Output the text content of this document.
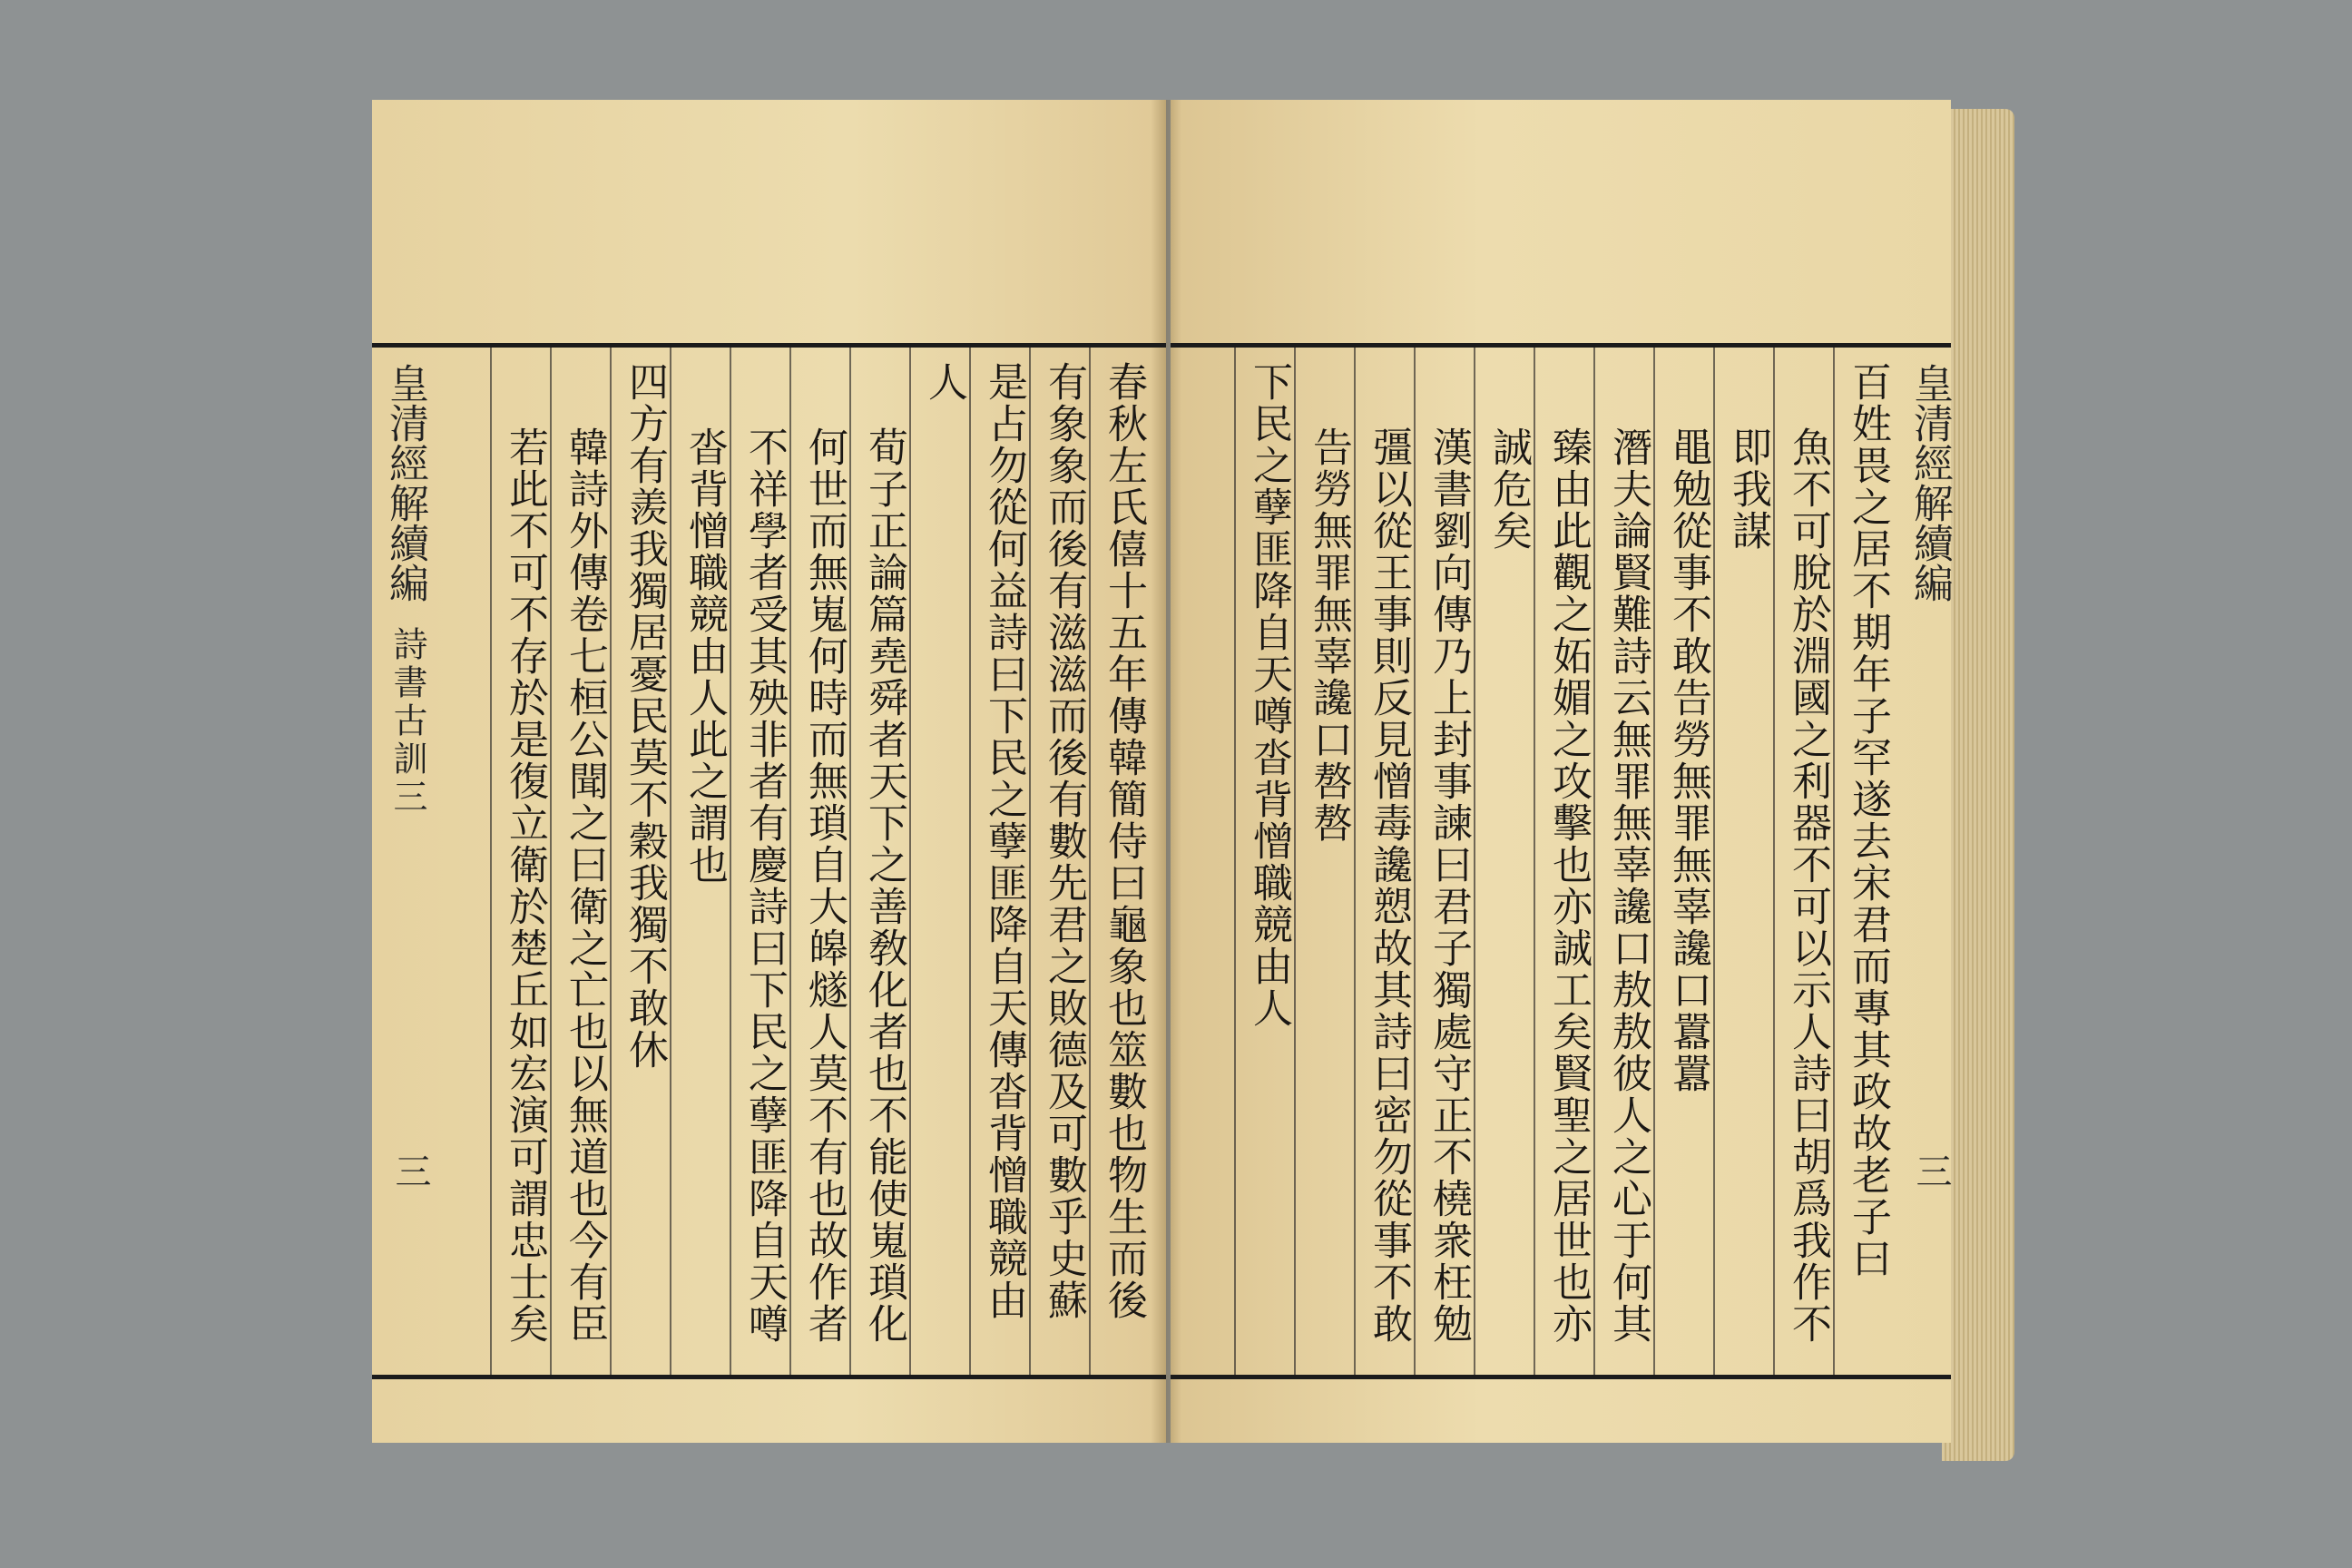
春秋左氏僖十五年傳韓簡侍曰龜象也筮數也物生而後
有象象而後有滋滋而後有數先君之敗德及可數乎史蘇
是占勿從何益詩曰下民之孽匪降自天傳沓背憎職競由
人
荀子正論篇堯舜者天下之善敎化者也不能使嵬瑣化
何世而無嵬何時而無瑣自大皞燧人莫不有也故作者
不祥學者受其殃非者有慶詩曰下民之孽匪降自天噂
沓背憎職競由人此之謂也
四方有羨我獨居憂民莫不穀我獨不敢休
韓詩外傳卷七桓公聞之曰衛之亡也以無道也今有臣
若此不可不存於是復立衛於楚丘如宏演可謂忠士矣	百姓畏之居不期年子罕遂去宋君而專其政故老子曰
魚不可脫於淵國之利器不可以示人詩曰胡爲我作不
即我謀
黽勉從事不敢告勞無罪無辜讒口囂囂
潛夫論賢難詩云無罪無辜讒口敖敖彼人之心于何其
臻由此觀之妬媚之攻擊也亦誠工矣賢聖之居世也亦
誠危矣
漢書劉向傳乃上封事諫曰君子獨處守正不橈衆枉勉
彊以從王事則反見憎毒讒愬故其詩曰密勿從事不敢
告勞無罪無辜讒口嗸嗸
下民之孽匪降自天噂沓背憎職競由人
皇清經解續編
詩書古訓三
三
皇清經解續編
三
